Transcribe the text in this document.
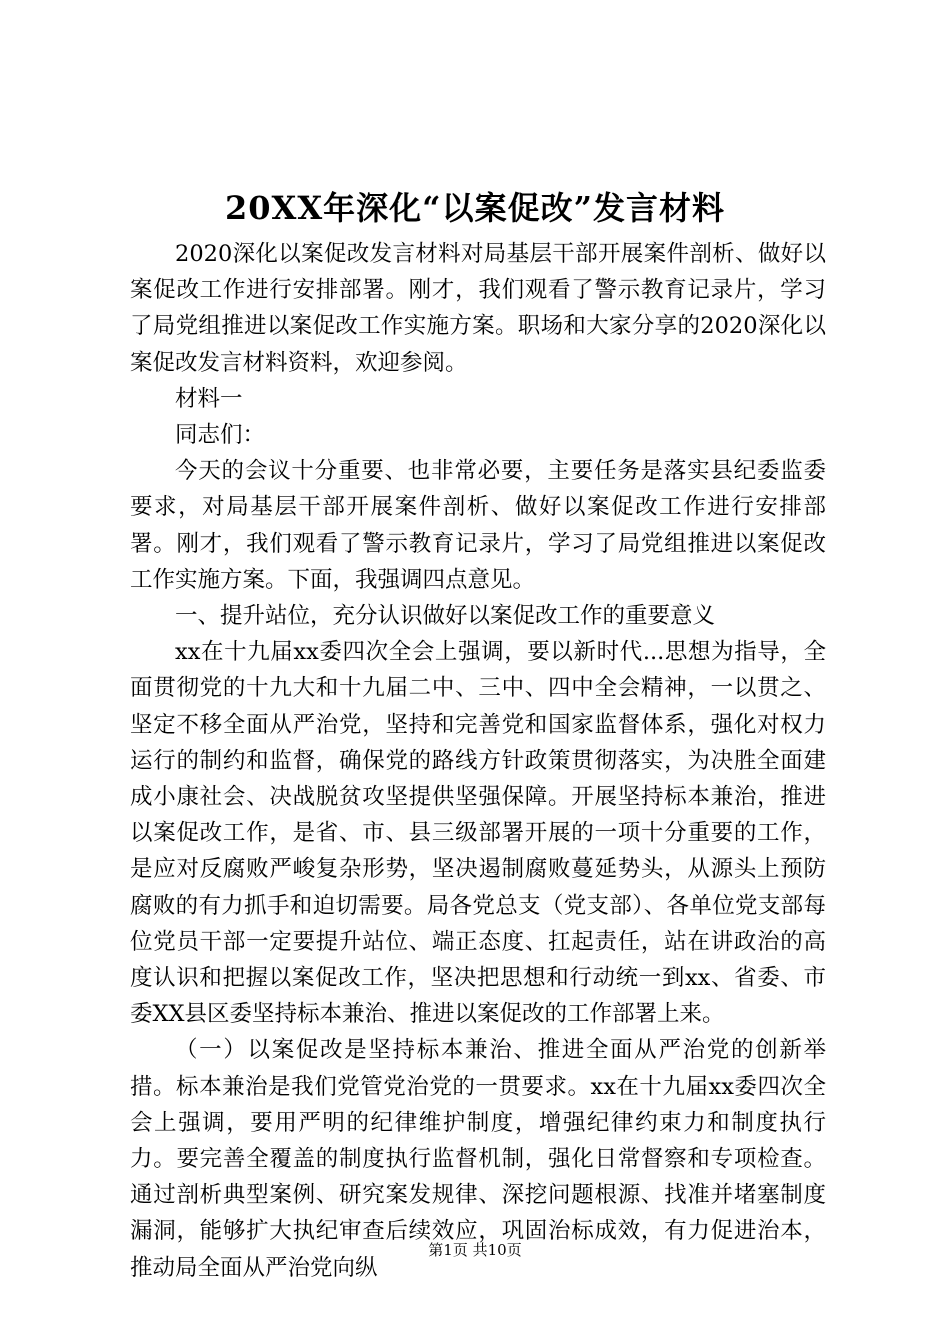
20XX年深化“以案促改”发言材料

2020深化以案促改发言材料对局基层干部开展案件剖析、做好以案促改工作进行安排部署。刚才，我们观看了警示教育记录片，学习了局党组推进以案促改工作实施方案。职场和大家分享的2020深化以案促改发言材料资料，欢迎参阅。

材料一

同志们：

今天的会议十分重要、也非常必要，主要任务是落实县纪委监委要求，对局基层干部开展案件剖析、做好以案促改工作进行安排部署。刚才，我们观看了警示教育记录片，学习了局党组推进以案促改工作实施方案。下面，我强调四点意见。

一、提升站位，充分认识做好以案促改工作的重要意义

xx在十九届xx委四次全会上强调，要以新时代...思想为指导，全面贯彻党的十九大和十九届二中、三中、四中全会精神，一以贯之、坚定不移全面从严治党，坚持和完善党和国家监督体系，强化对权力运行的制约和监督，确保党的路线方针政策贯彻落实，为决胜全面建成小康社会、决战脱贫攻坚提供坚强保障。开展坚持标本兼治，推进以案促改工作，是省、市、县三级部署开展的一项十分重要的工作，是应对反腐败严峻复杂形势，坚决遏制腐败蔓延势头，从源头上预防腐败的有力抓手和迫切需要。局各党总支（党支部）、各单位党支部每位党员干部一定要提升站位、端正态度、扛起责任，站在讲政治的高度认识和把握以案促改工作，坚决把思想和行动统一到xx、省委、市委XX县区委坚持标本兼治、推进以案促改的工作部署上来。

（一）以案促改是坚持标本兼治、推进全面从严治党的创新举措。标本兼治是我们党管党治党的一贯要求。xx在十九届xx委四次全会上强调，要用严明的纪律维护制度，增强纪律约束力和制度执行力。要完善全覆盖的制度执行监督机制，强化日常督察和专项检查。通过剖析典型案例、研究案发规律、深挖问题根源、找准并堵塞制度漏洞，能够扩大执纪审查后续效应，巩固治标成效，有力促进治本，推动局全面从严治党向纵

第1页 共10页
